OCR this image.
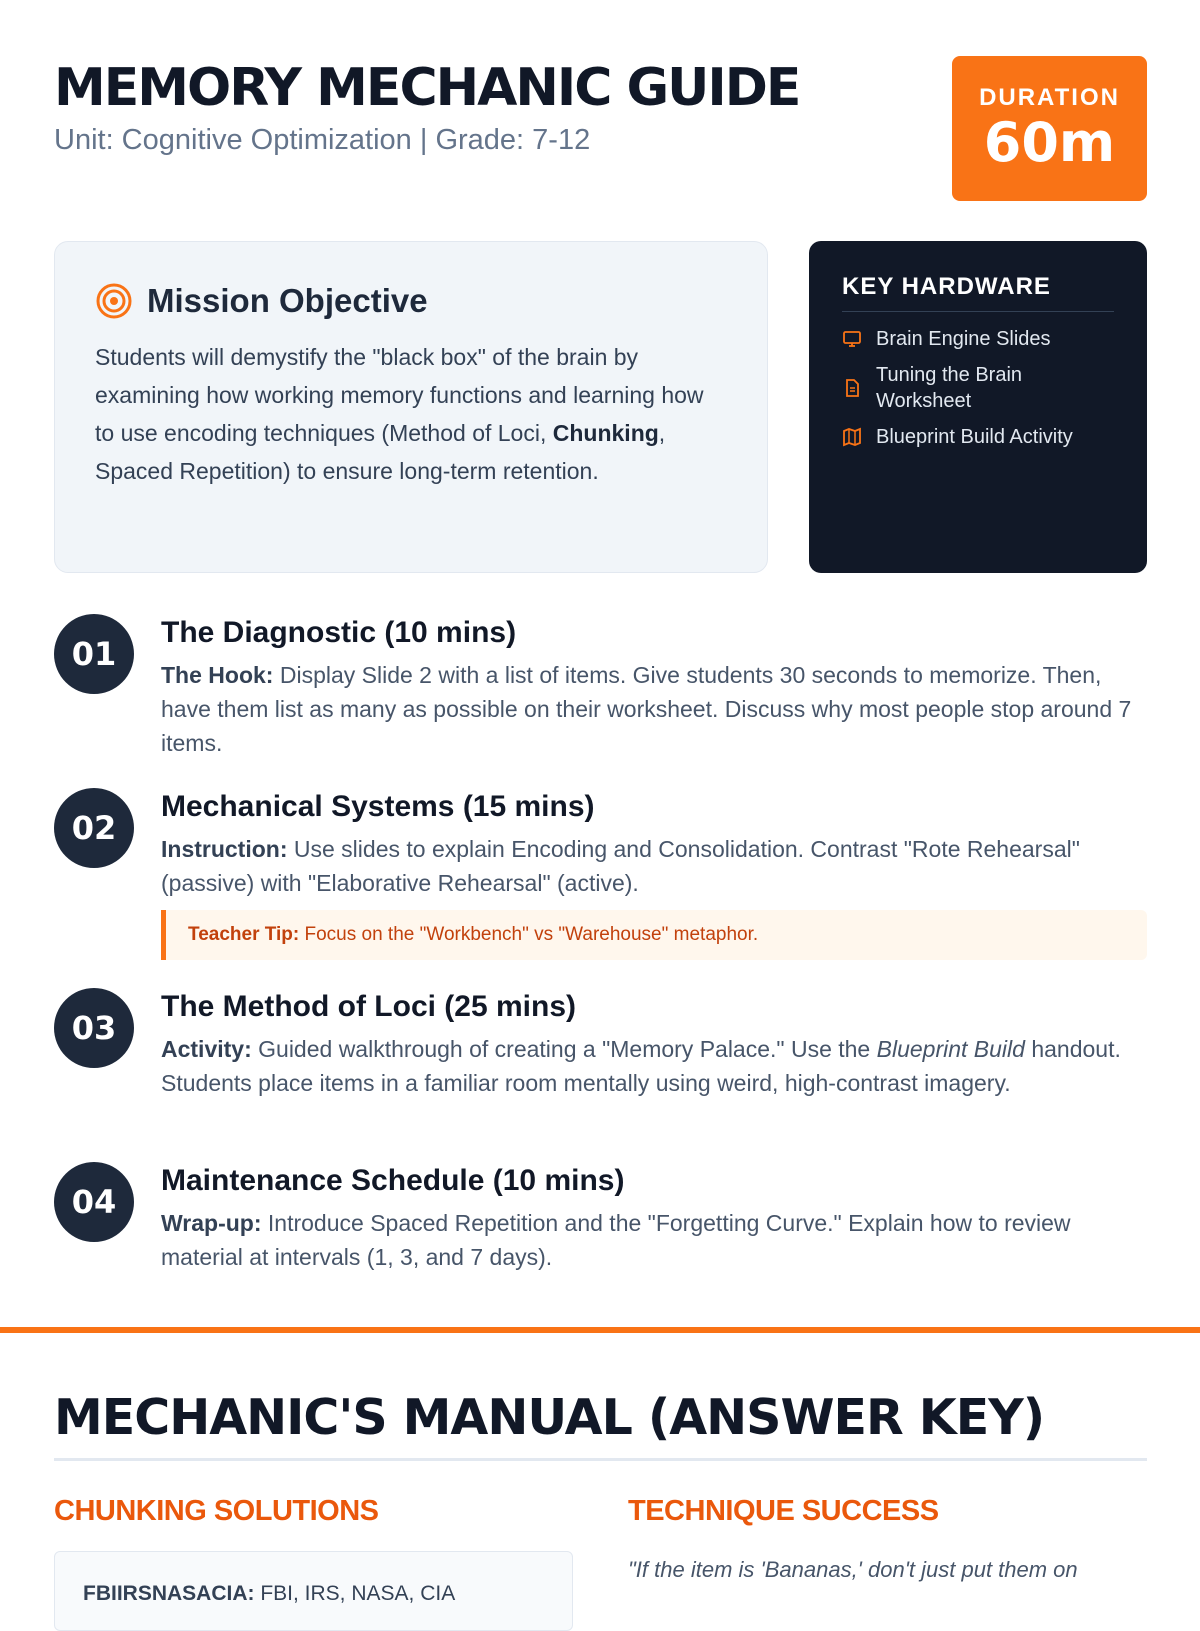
MEMORY MECHANIC GUIDE
Unit: Cognitive Optimization | Grade: 7-12
DURATION
60m
Mission Objective
Students will demystify the "black box" of the brain by examining how working memory functions and learning how to use encoding techniques (Method of Loci, Chunking, Spaced Repetition) to ensure long-term retention.
KEY HARDWARE
Brain Engine Slides
Tuning the Brain Worksheet
Blueprint Build Activity
01
The Diagnostic (10 mins)
The Hook: Display Slide 2 with a list of items. Give students 30 seconds to memorize. Then, have them list as many as possible on their worksheet. Discuss why most people stop around 7 items.
02
Mechanical Systems (15 mins)
Instruction: Use slides to explain Encoding and Consolidation. Contrast "Rote Rehearsal" (passive) with "Elaborative Rehearsal" (active).
Teacher Tip: Focus on the "Workbench" vs "Warehouse" metaphor.
03
The Method of Loci (25 mins)
Activity: Guided walkthrough of creating a "Memory Palace." Use the Blueprint Build handout. Students place items in a familiar room mentally using weird, high-contrast imagery.
04
Maintenance Schedule (10 mins)
Wrap-up: Introduce Spaced Repetition and the "Forgetting Curve." Explain how to review material at intervals (1, 3, and 7 days).
MECHANIC'S MANUAL (ANSWER KEY)
CHUNKING SOLUTIONS	TECHNIQUE SUCCESS
FBIIRSNASACIA: FBI, IRS, NASA, CIA
"If the item is 'Bananas,' don't just put them on
